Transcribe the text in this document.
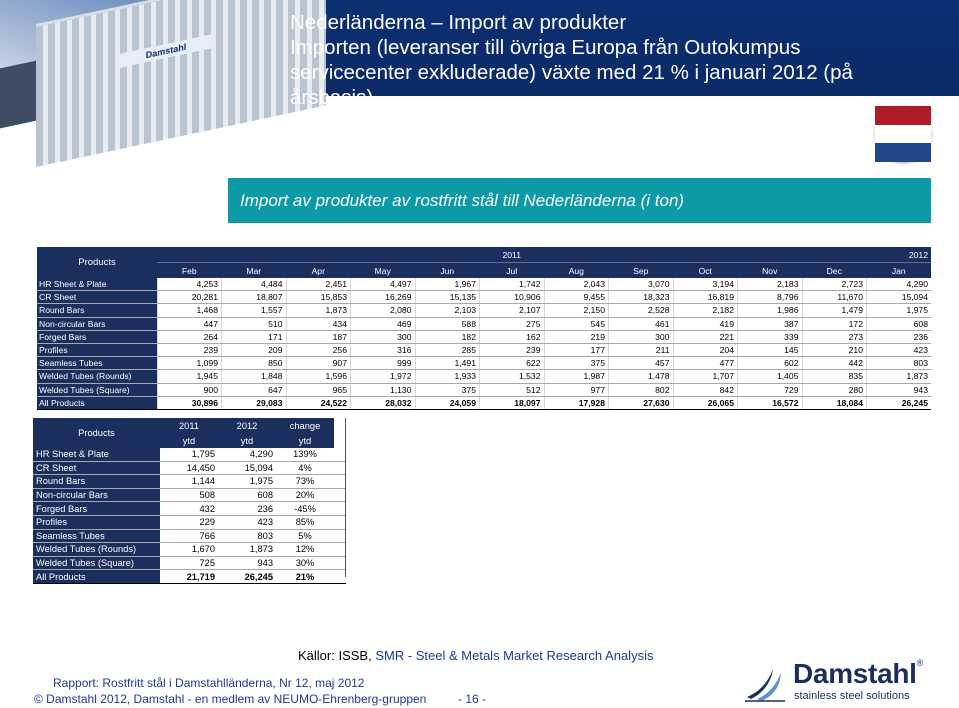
Damstahl
Nederländerna – Import av produkter
Importen (leveranser till övriga Europa från Outokumpus
servicecenter exkluderade) växte med 21 % i januari 2012 (på
årsbasis)
Import av produkter av rostfritt stål till Nederländerna (i ton)
Products	2011											2012
	Feb	Mar	Apr	May	Jun	Jul	Aug	Sep	Oct	Nov	Dec	Jan
HR Sheet & Plate	4,253	4,484	2,451	4,497	1,967	1,742	2,043	3,070	3,194	2,183	2,723	4,290
CR Sheet	20,281	18,807	15,853	16,269	15,135	10,906	9,455	18,323	16,819	8,796	11,670	15,094
Round Bars	1,468	1,557	1,873	2,080	2,103	2,107	2,150	2,528	2,182	1,986	1,479	1,975
Non-circular Bars	447	510	434	469	588	275	545	461	419	387	172	608
Forged Bars	264	171	187	300	182	162	219	300	221	339	273	236
Profiles	239	209	256	316	285	239	177	211	204	145	210	423
Seamless Tubes	1,099	850	907	999	1,491	622	375	457	477	602	442	803
Welded Tubes (Rounds)	1,945	1,848	1,596	1,972	1,933	1,532	1,987	1,478	1,707	1,405	835	1,873
Welded Tubes (Square)	900	647	965	1,130	375	512	977	802	842	729	280	943
All Products	30,896	29,083	24,522	28,032	24,059	18,097	17,928	27,630	26,065	16,572	18,084	26,245
Products	2011	2012	change	
	ytd	ytd	ytd	
HR Sheet & Plate	1,795	4,290	139%	
CR Sheet	14,450	15,094	4%	
Round Bars	1,144	1,975	73%	
Non-circular Bars	508	608	20%	
Forged Bars	432	236	-45%	
Profiles	229	423	85%	
Seamless Tubes	766	803	5%	
Welded Tubes (Rounds)	1,670	1,873	12%	
Welded Tubes (Square)	725	943	30%	
All Products	21,719	26,245	21%	
Källor: ISSB, SMR - Steel & Metals Market Research Analysis
Rapport: Rostfritt stål i Damstahlländerna, Nr 12, maj 2012
© Damstahl 2012, Damstahl - en medlem av NEUMO-Ehrenberg-gruppen	- 16 -
Damstahl®
stainless steel solutions
